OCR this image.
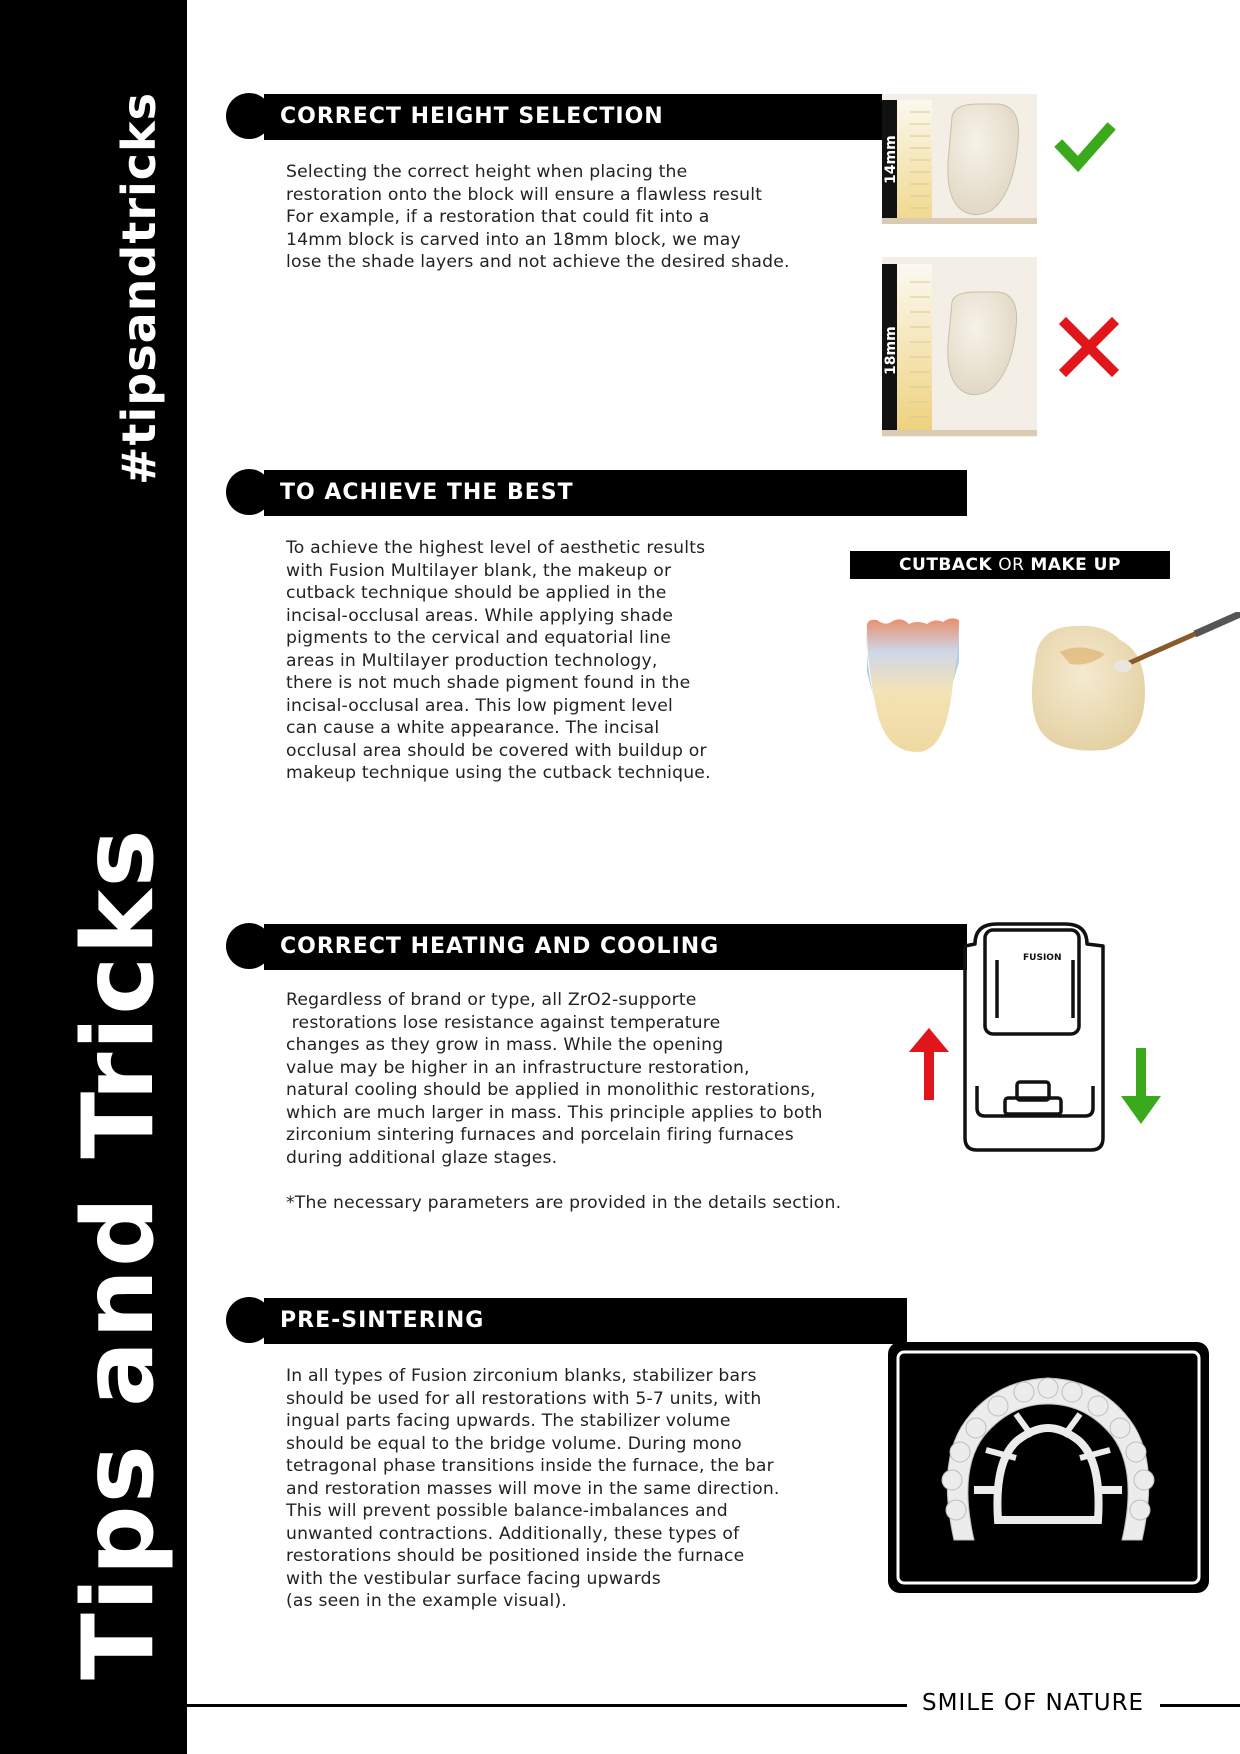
#tipsandtricks
Tips and Tricks
CORRECT HEIGHT SELECTION

Selecting the correct height when placing the

restoration onto the block will ensure a flawless result

For example, if a restoration that could fit into a

14mm block is carved into an 18mm block, we may

lose the shade layers and not achieve the desired shade.

14mm
18mm
TO ACHIEVE THE BEST

To achieve the highest level of aesthetic results

with Fusion Multilayer blank, the makeup or

cutback technique should be applied in the

incisal-occlusal areas. While applying shade

pigments to the cervical and equatorial line

areas in Multilayer production technology,

there is not much shade pigment found in the

incisal-occlusal area. This low pigment level

can cause a white appearance. The incisal

occlusal area should be covered with buildup or

makeup technique using the cutback technique.

CUTBACK OR MAKE UP
CORRECT HEATING AND COOLING

Regardless of brand or type, all ZrO2-supporte

restorations lose resistance against temperature

changes as they grow in mass. While the opening

value may be higher in an infrastructure restoration,

natural cooling should be applied in monolithic restorations,

which are much larger in mass. This principle applies to both

zirconium sintering furnaces and porcelain firing furnaces

during additional glaze stages.

*The necessary parameters are provided in the details section.

FUSION
PRE-SINTERING

In all types of Fusion zirconium blanks, stabilizer bars

should be used for all restorations with 5-7 units, with

ingual parts facing upwards. The stabilizer volume

should be equal to the bridge volume. During mono

tetragonal phase transitions inside the furnace, the bar

and restoration masses will move in the same direction.

This will prevent possible balance-imbalances and

unwanted contractions. Additionally, these types of

restorations should be positioned inside the furnace

with the vestibular surface facing upwards

(as seen in the example visual).

SMILE OF NATURE
